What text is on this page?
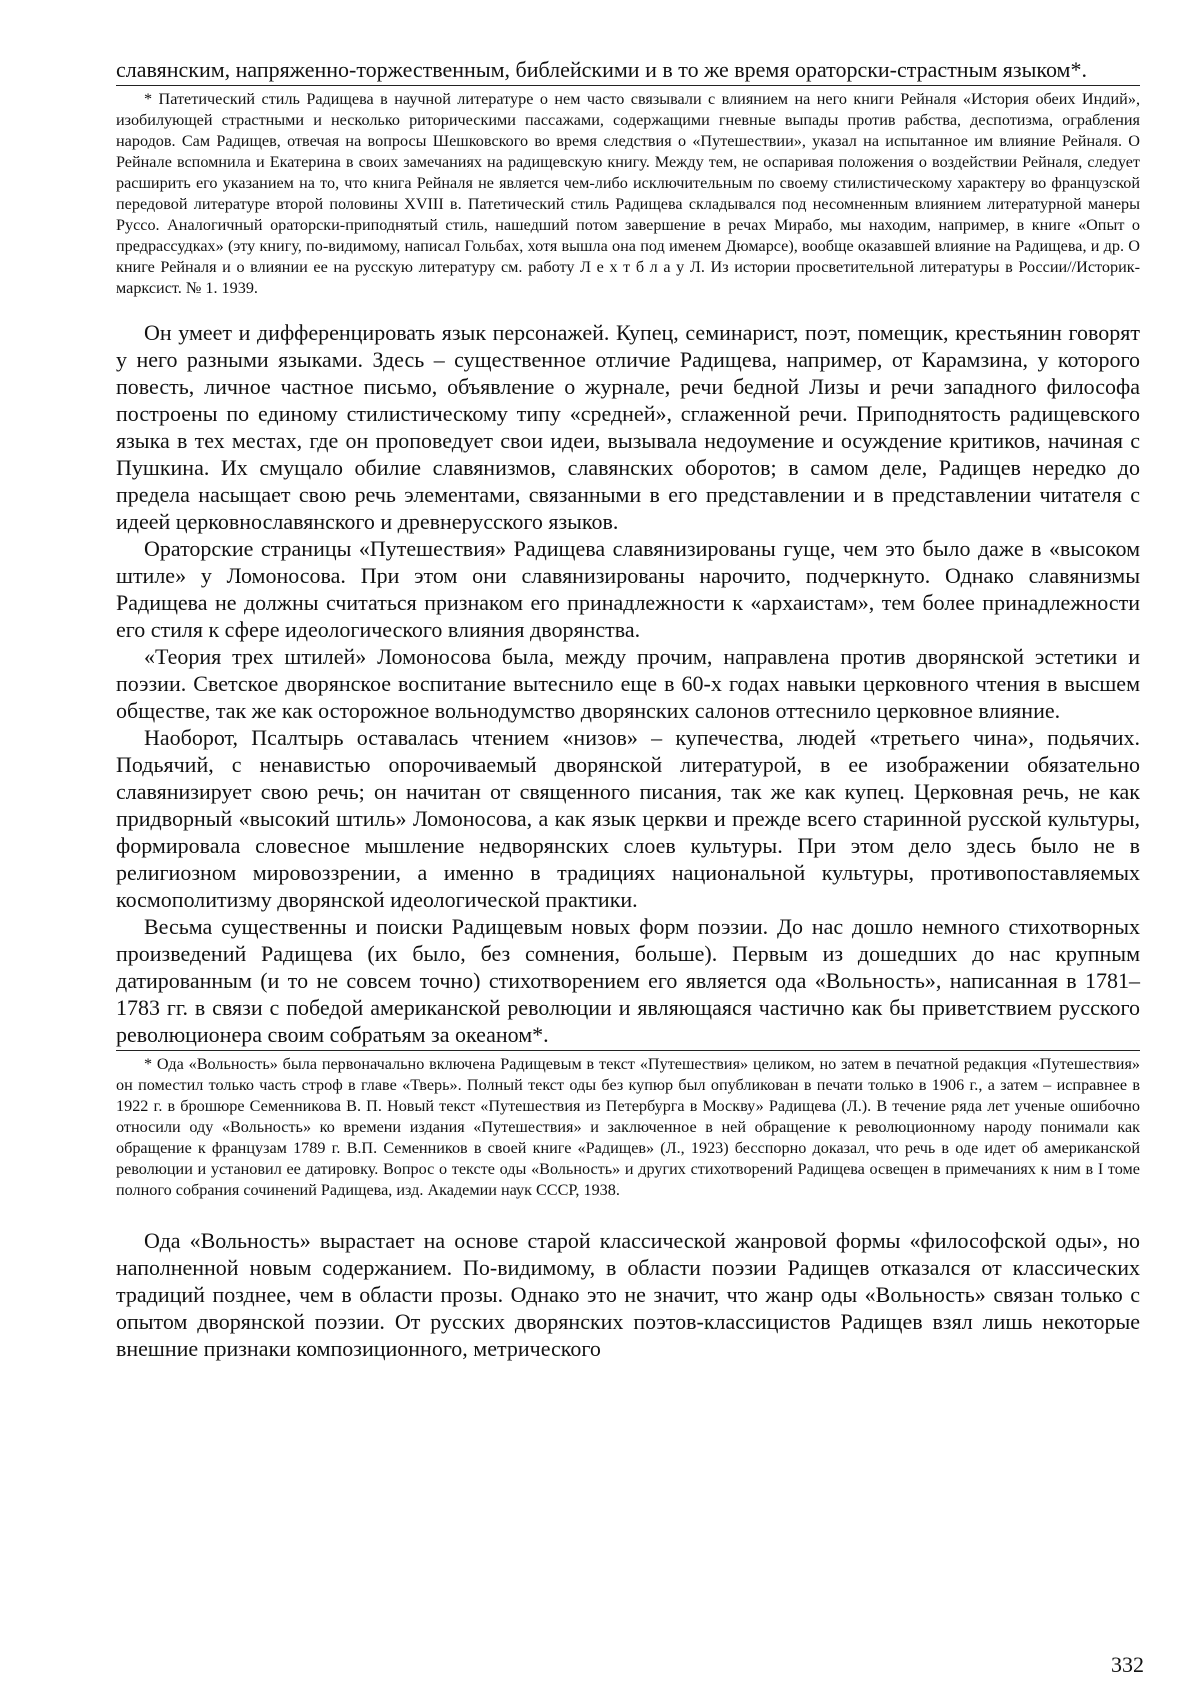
славянским, напряженно-торжественным, библейскими и в то же время ораторски-страстным языком*.

* Патетический стиль Радищева в научной литературе о нем часто связывали с влиянием на него книги Рейналя «История обеих Индий», изобилующей страстными и несколько риторическими пассажами, содержащими гневные выпады против рабства, деспотизма, ограбления народов. Сам Радищев, отвечая на вопросы Шешковского во время следствия о «Путешествии», указал на испытанное им влияние Рейналя. О Рейнале вспомнила и Екатерина в своих замечаниях на радищевскую книгу. Между тем, не оспаривая положения о воздействии Рейналя, следует расширить его указанием на то, что книга Рейналя не является чем-либо исключительным по своему стилистическому характеру во французской передовой литературе второй половины XVIII в. Патетический стиль Радищева складывался под несомненным влиянием литературной манеры Руссо. Аналогичный ораторски-приподнятый стиль, нашедший потом завершение в речах Мирабо, мы находим, например, в книге «Опыт о предрассудках» (эту книгу, по-видимому, написал Гольбах, хотя вышла она под именем Дюмарсе), вообще оказавшей влияние на Радищева, и др. О книге Рейналя и о влиянии ее на русскую литературу см. работу Л е х т б л а у Л. Из истории просветительной литературы в России//Историк-марксист. № 1. 1939.

Он умеет и дифференцировать язык персонажей. Купец, семинарист, поэт, помещик, крестьянин говорят у него разными языками. Здесь – существенное отличие Радищева, например, от Карамзина, у которого повесть, личное частное письмо, объявление о журнале, речи бедной Лизы и речи западного философа построены по единому стилистическому типу «средней», сглаженной речи. Приподнятость радищевского языка в тех местах, где он проповедует свои идеи, вызывала недоумение и осуждение критиков, начиная с Пушкина. Их смущало обилие славянизмов, славянских оборотов; в самом деле, Радищев нередко до предела насыщает свою речь элементами, связанными в его представлении и в представлении читателя с идеей церковнославянского и древнерусского языков.

Ораторские страницы «Путешествия» Радищева славянизированы гуще, чем это было даже в «высоком штиле» у Ломоносова. При этом они славянизированы нарочито, подчеркнуто. Однако славянизмы Радищева не должны считаться признаком его принадлежности к «архаистам», тем более принадлежности его стиля к сфере идеологического влияния дворянства.

«Теория трех штилей» Ломоносова была, между прочим, направлена против дворянской эстетики и поэзии. Светское дворянское воспитание вытеснило еще в 60-х годах навыки церковного чтения в высшем обществе, так же как осторожное вольнодумство дворянских салонов оттеснило церковное влияние.

Наоборот, Псалтырь оставалась чтением «низов» – купечества, людей «третьего чина», подьячих. Подьячий, с ненавистью опорочиваемый дворянской литературой, в ее изображении обязательно славянизирует свою речь; он начитан от священного писания, так же как купец. Церковная речь, не как придворный «высокий штиль» Ломоносова, а как язык церкви и прежде всего старинной русской культуры, формировала словесное мышление недворянских слоев культуры. При этом дело здесь было не в религиозном мировоззрении, а именно в традициях национальной культуры, противопоставляемых космополитизму дворянской идеологической практики.

Весьма существенны и поиски Радищевым новых форм поэзии. До нас дошло немного стихотворных произведений Радищева (их было, без сомнения, больше). Первым из дошедших до нас крупным датированным (и то не совсем точно) стихотворением его является ода «Вольность», написанная в 1781–1783 гг. в связи с победой американской революции и являющаяся частично как бы приветствием русского революционера своим собратьям за океаном*.

* Ода «Вольность» была первоначально включена Радищевым в текст «Путешествия» целиком, но затем в печатной редакция «Путешествия» он поместил только часть строф в главе «Тверь». Полный текст оды без купюр был опубликован в печати только в 1906 г., а затем – исправнее в 1922 г. в брошюре Семенникова В. П. Новый текст «Путешествия из Петербурга в Москву» Радищева (Л.). В течение ряда лет ученые ошибочно относили оду «Вольность» ко времени издания «Путешествия» и заключенное в ней обращение к революционному народу понимали как обращение к французам 1789 г. В.П. Семенников в своей книге «Радищев» (Л., 1923) бесспорно доказал, что речь в оде идет об американской революции и установил ее датировку. Вопрос о тексте оды «Вольность» и других стихотворений Радищева освещен в примечаниях к ним в I томе полного собрания сочинений Радищева, изд. Академии наук СССР, 1938.

Ода «Вольность» вырастает на основе старой классической жанровой формы «философской оды», но наполненной новым содержанием. По-видимому, в области поэзии Радищев отказался от классических традиций позднее, чем в области прозы. Однако это не значит, что жанр оды «Вольность» связан только с опытом дворянской поэзии. От русских дворянских поэтов-классицистов Радищев взял лишь некоторые внешние признаки композиционного, метрического

332
